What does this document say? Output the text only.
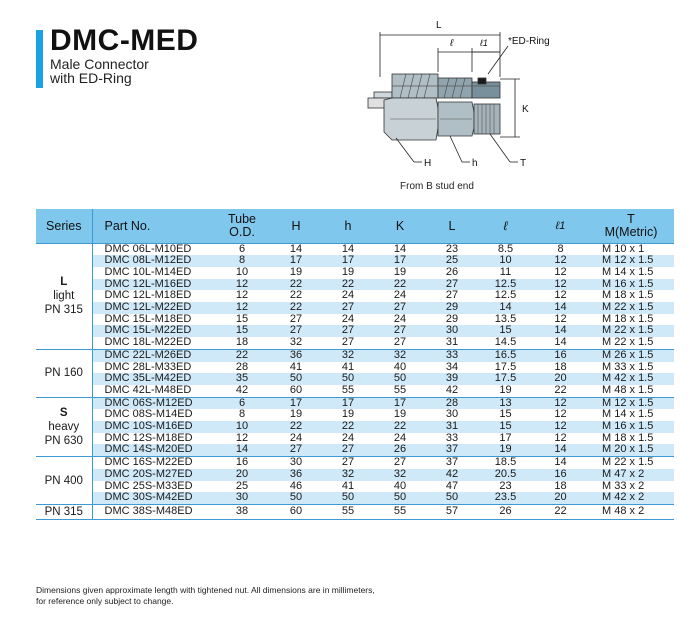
DMC-MED
Male Connector
with ED-Ring
L
ℓ	ℓ1 *ED-Ring
K
H	h	T
From B stud end
Series	Part No.	Tube
O.D.	H	h	K	L	ℓ	ℓ1	T
M(Metric)

L
light
PN 315	DMC 06L-M10ED	6	14	14	14	23	8.5	8	M 10 x 1
	DMC 08L-M12ED	8	17	17	17	25	10	12	M 12 x 1.5
	DMC 10L-M14ED	10	19	19	19	26	11	12	M 14 x 1.5
	DMC 12L-M16ED	12	22	22	22	27	12.5	12	M 16 x 1.5
	DMC 12L-M18ED	12	22	24	24	27	12.5	12	M 18 x 1.5
	DMC 12L-M22ED	12	22	27	27	29	14	14	M 22 x 1.5
	DMC 15L-M18ED	15	27	24	24	29	13.5	12	M 18 x 1.5
	DMC 15L-M22ED	15	27	27	27	30	15	14	M 22 x 1.5
	DMC 18L-M22ED	18	32	27	27	31	14.5	14	M 22 x 1.5

PN 160	DMC 22L-M26ED	22	36	32	32	33	16.5	16	M 26 x 1.5
	DMC 28L-M33ED	28	41	41	40	34	17.5	18	M 33 x 1.5
	DMC 35L-M42ED	35	50	50	50	39	17.5	20	M 42 x 1.5
	DMC 42L-M48ED	42	60	55	55	42	19	22	M 48 x 1.5

S
heavy
PN 630	DMC 06S-M12ED	6	17	17	17	28	13	12	M 12 x 1.5
	DMC 08S-M14ED	8	19	19	19	30	15	12	M 14 x 1.5
	DMC 10S-M16ED	10	22	22	22	31	15	12	M 16 x 1.5
	DMC 12S-M18ED	12	24	24	24	33	17	12	M 18 x 1.5
	DMC 14S-M20ED	14	27	27	26	37	19	14	M 20 x 1.5

PN 400	DMC 16S-M22ED	16	30	27	27	37	18.5	14	M 22 x 1.5
	DMC 20S-M27ED	20	36	32	32	42	20.5	16	M 47 x 2
	DMC 25S-M33ED	25	46	41	40	47	23	18	M 33 x 2
	DMC 30S-M42ED	30	50	50	50	50	23.5	20	M 42 x 2

PN 315	DMC 38S-M48ED	38	60	55	55	57	26	22	M 48 x 2
Dimensions given approximate length with tightened nut. All dimensions are in millimeters,
for reference only subject to change.
